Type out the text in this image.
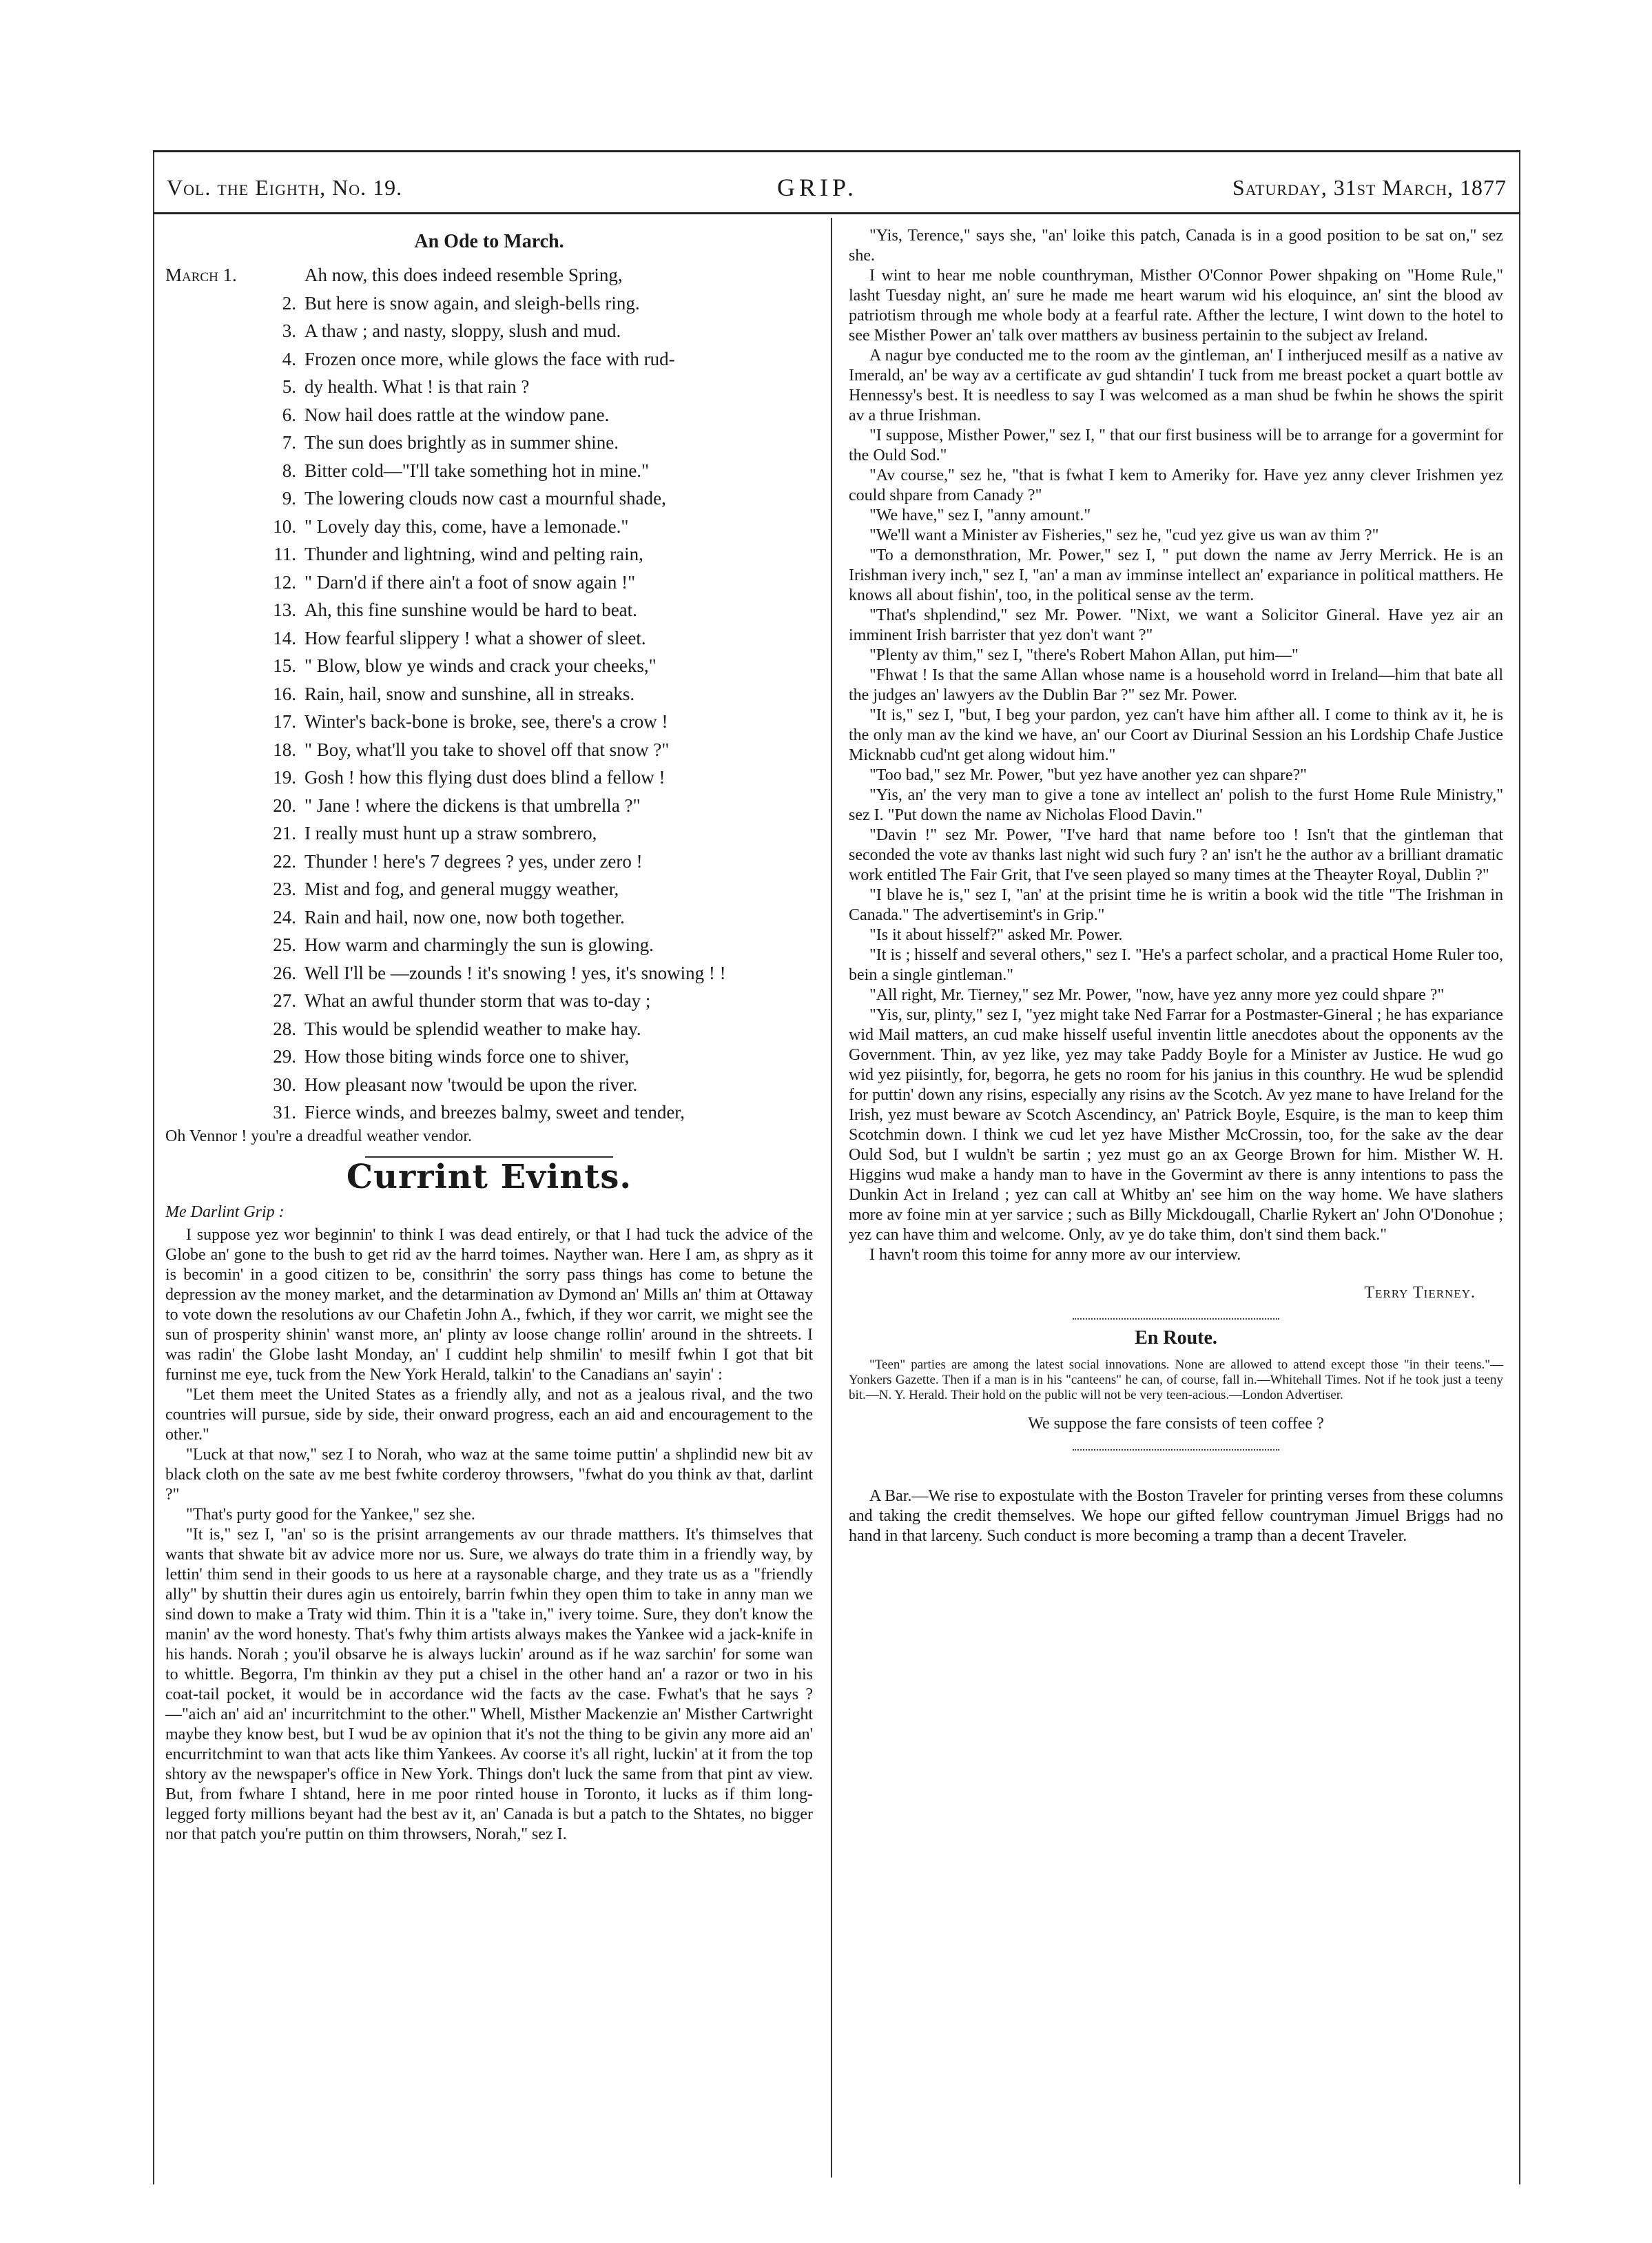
Vol. the Eighth, No. 19.	GRIP.	Saturday, 31st March, 1877
An Ode to March.
March 1.	Ah now, this does indeed resemble Spring,
2. But here is snow again, and sleigh-bells ring.
3. A thaw ; and nasty, sloppy, slush and mud.
4. Frozen once more, while glows the face with rud-
5. dy health. What ! is that rain ?
6. Now hail does rattle at the window pane.
7. The sun does brightly as in summer shine.
8. Bitter cold—"I'll take something hot in mine."
9. The lowering clouds now cast a mournful shade,
10. " Lovely day this, come, have a lemonade."
11. Thunder and lightning, wind and pelting rain,
12. " Darn'd if there ain't a foot of snow again !"
13. Ah, this fine sunshine would be hard to beat.
14. How fearful slippery ! what a shower of sleet.
15. " Blow, blow ye winds and crack your cheeks,"
16. Rain, hail, snow and sunshine, all in streaks.
17. Winter's back-bone is broke, see, there's a crow !
18. " Boy, what'll you take to shovel off that snow ?"
19. Gosh ! how this flying dust does blind a fellow !
20. " Jane ! where the dickens is that umbrella ?"
21. I really must hunt up a straw sombrero,
22. Thunder ! here's 7 degrees ? yes, under zero !
23. Mist and fog, and general muggy weather,
24. Rain and hail, now one, now both together.
25. How warm and charmingly the sun is glowing.
26. Well I'll be —zounds ! it's snowing ! yes, it's snowing ! !
27. What an awful thunder storm that was to-day ;
28. This would be splendid weather to make hay.
29. How those biting winds force one to shiver,
30. How pleasant now 'twould be upon the river.
31. Fierce winds, and breezes balmy, sweet and tender,
Oh Vennor ! you're a dreadful weather vendor.
Currint Evints.
Me Darlint Grip :

I suppose yez wor beginnin' to think I was dead entirely, or that I had tuck the advice of the Globe an' gone to the bush to get rid av the harrd toimes. Nayther wan. Here I am, as shpry as it is becomin' in a good citizen to be, consithrin' the sorry pass things has come to betune the depression av the money market, and the detarmination av Dymond an' Mills an' thim at Ottaway to vote down the resolutions av our Chafetin John A., fwhich, if they wor carrit, we might see the sun of prosperity shinin' wanst more, an' plinty av loose change rollin' around in the shtreets. I was radin' the Globe lasht Monday, an' I cuddint help shmilin' to mesilf fwhin I got that bit furninst me eye, tuck from the New York Herald, talkin' to the Canadians an' sayin' :

"Let them meet the United States as a friendly ally, and not as a jealous rival, and the two countries will pursue, side by side, their onward progress, each an aid and encouragement to the other."

"Luck at that now," sez I to Norah, who waz at the same toime puttin' a shplindid new bit av black cloth on the sate av me best fwhite corderoy throwsers, "fwhat do you think av that, darlint ?"

"That's purty good for the Yankee," sez she.

"It is," sez I, "an' so is the prisint arrangements av our thrade matthers. It's thimselves that wants that shwate bit av advice more nor us. Sure, we always do trate thim in a friendly way, by lettin' thim send in their goods to us here at a raysonable charge, and they trate us as a "friendly ally" by shuttin their dures agin us entoirely, barrin fwhin they open thim to take in anny man we sind down to make a Traty wid thim. Thin it is a "take in," ivery toime. Sure, they don't know the manin' av the word honesty. That's fwhy thim artists always makes the Yankee wid a jack-knife in his hands. Norah ; you'il obsarve he is always luckin' around as if he waz sarchin' for some wan to whittle. Begorra, I'm thinkin av they put a chisel in the other hand an' a razor or two in his coat-tail pocket, it would be in accordance wid the facts av the case. Fwhat's that he says ?—"aich an' aid an' incurritchmint to the other." Whell, Misther Mackenzie an' Misther Cartwright maybe they know best, but I wud be av opinion that it's not the thing to be givin any more aid an' encurritchmint to wan that acts like thim Yankees. Av coorse it's all right, luckin' at it from the top shtory av the newspaper's office in New York. Things don't luck the same from that pint av view. But, from fwhare I shtand, here in me poor rinted house in Toronto, it lucks as if thim long-legged forty millions beyant had the best av it, an' Canada is but a patch to the Shtates, no bigger nor that patch you're puttin on thim throwsers, Norah," sez I.

"Yis, Terence," says she, "an' loike this patch, Canada is in a good position to be sat on," sez she.

I wint to hear me noble counthryman, Misther O'Connor Power shpaking on "Home Rule," lasht Tuesday night, an' sure he made me heart warum wid his eloquince, an' sint the blood av patriotism through me whole body at a fearful rate. Afther the lecture, I wint down to the hotel to see Misther Power an' talk over matthers av business pertainin to the subject av Ireland.

A nagur bye conducted me to the room av the gintleman, an' I intherjuced mesilf as a native av Imerald, an' be way av a certificate av gud shtandin' I tuck from me breast pocket a quart bottle av Hennessy's best. It is needless to say I was welcomed as a man shud be fwhin he shows the spirit av a thrue Irishman.

"I suppose, Misther Power," sez I, " that our first business will be to arrange for a govermint for the Ould Sod."

"Av course," sez he, "that is fwhat I kem to Ameriky for. Have yez anny clever Irishmen yez could shpare from Canady ?"

"We have," sez I, "anny amount."

"We'll want a Minister av Fisheries," sez he, "cud yez give us wan av thim ?"

"To a demonsthration, Mr. Power," sez I, " put down the name av Jerry Merrick. He is an Irishman ivery inch," sez I, "an' a man av imminse intellect an' expariance in political matthers. He knows all about fishin', too, in the political sense av the term.

"That's shplendind," sez Mr. Power. "Nixt, we want a Solicitor Gineral. Have yez air an imminent Irish barrister that yez don't want ?"

"Plenty av thim," sez I, "there's Robert Mahon Allan, put him—"

"Fhwat ! Is that the same Allan whose name is a household worrd in Ireland—him that bate all the judges an' lawyers av the Dublin Bar ?" sez Mr. Power.

"It is," sez I, "but, I beg your pardon, yez can't have him afther all. I come to think av it, he is the only man av the kind we have, an' our Coort av Diurinal Session an his Lordship Chafe Justice Micknabb cud'nt get along widout him."

"Too bad," sez Mr. Power, "but yez have another yez can shpare?"

"Yis, an' the very man to give a tone av intellect an' polish to the furst Home Rule Ministry," sez I. "Put down the name av Nicholas Flood Davin."

"Davin !" sez Mr. Power, "I've hard that name before too ! Isn't that the gintleman that seconded the vote av thanks last night wid such fury ? an' isn't he the author av a brilliant dramatic work entitled The Fair Grit, that I've seen played so many times at the Theayter Royal, Dublin ?"

"I blave he is," sez I, "an' at the prisint time he is writin a book wid the title "The Irishman in Canada." The advertisemint's in Grip."

"Is it about hisself?" asked Mr. Power.

"It is ; hisself and several others," sez I. "He's a parfect scholar, and a practical Home Ruler too, bein a single gintleman."

"All right, Mr. Tierney," sez Mr. Power, "now, have yez anny more yez could shpare ?"

"Yis, sur, plinty," sez I, "yez might take Ned Farrar for a Postmaster-Gineral ; he has expariance wid Mail matters, an cud make hisself useful inventin little anecdotes about the opponents av the Government. Thin, av yez like, yez may take Paddy Boyle for a Minister av Justice. He wud go wid yez piisintly, for, begorra, he gets no room for his janius in this counthry. He wud be splendid for puttin' down any risins, especially any risins av the Scotch. Av yez mane to have Ireland for the Irish, yez must beware av Scotch Ascendincy, an' Patrick Boyle, Esquire, is the man to keep thim Scotchmin down. I think we cud let yez have Misther McCrossin, too, for the sake av the dear Ould Sod, but I wuldn't be sartin ; yez must go an ax George Brown for him. Misther W. H. Higgins wud make a handy man to have in the Govermint av there is anny intentions to pass the Dunkin Act in Ireland ; yez can call at Whitby an' see him on the way home. We have slathers more av foine min at yer sarvice ; such as Billy Mickdougall, Charlie Rykert an' John O'Donohue ; yez can have thim and welcome. Only, av ye do take thim, don't sind them back."

I havn't room this toime for anny more av our interview.

Terry Tierney.
En Route.

"Teen" parties are among the latest social innovations. None are allowed to attend except those "in their teens."—Yonkers Gazette. Then if a man is in his "canteens" he can, of course, fall in.—Whitehall Times. Not if he took just a teeny bit.—N. Y. Herald. Their hold on the public will not be very teen-acious.—London Advertiser.

We suppose the fare consists of teen coffee ?

A Bar.—We rise to expostulate with the Boston Traveler for printing verses from these columns and taking the credit themselves. We hope our gifted fellow countryman Jimuel Briggs had no hand in that larceny. Such conduct is more becoming a tramp than a decent Traveler.
